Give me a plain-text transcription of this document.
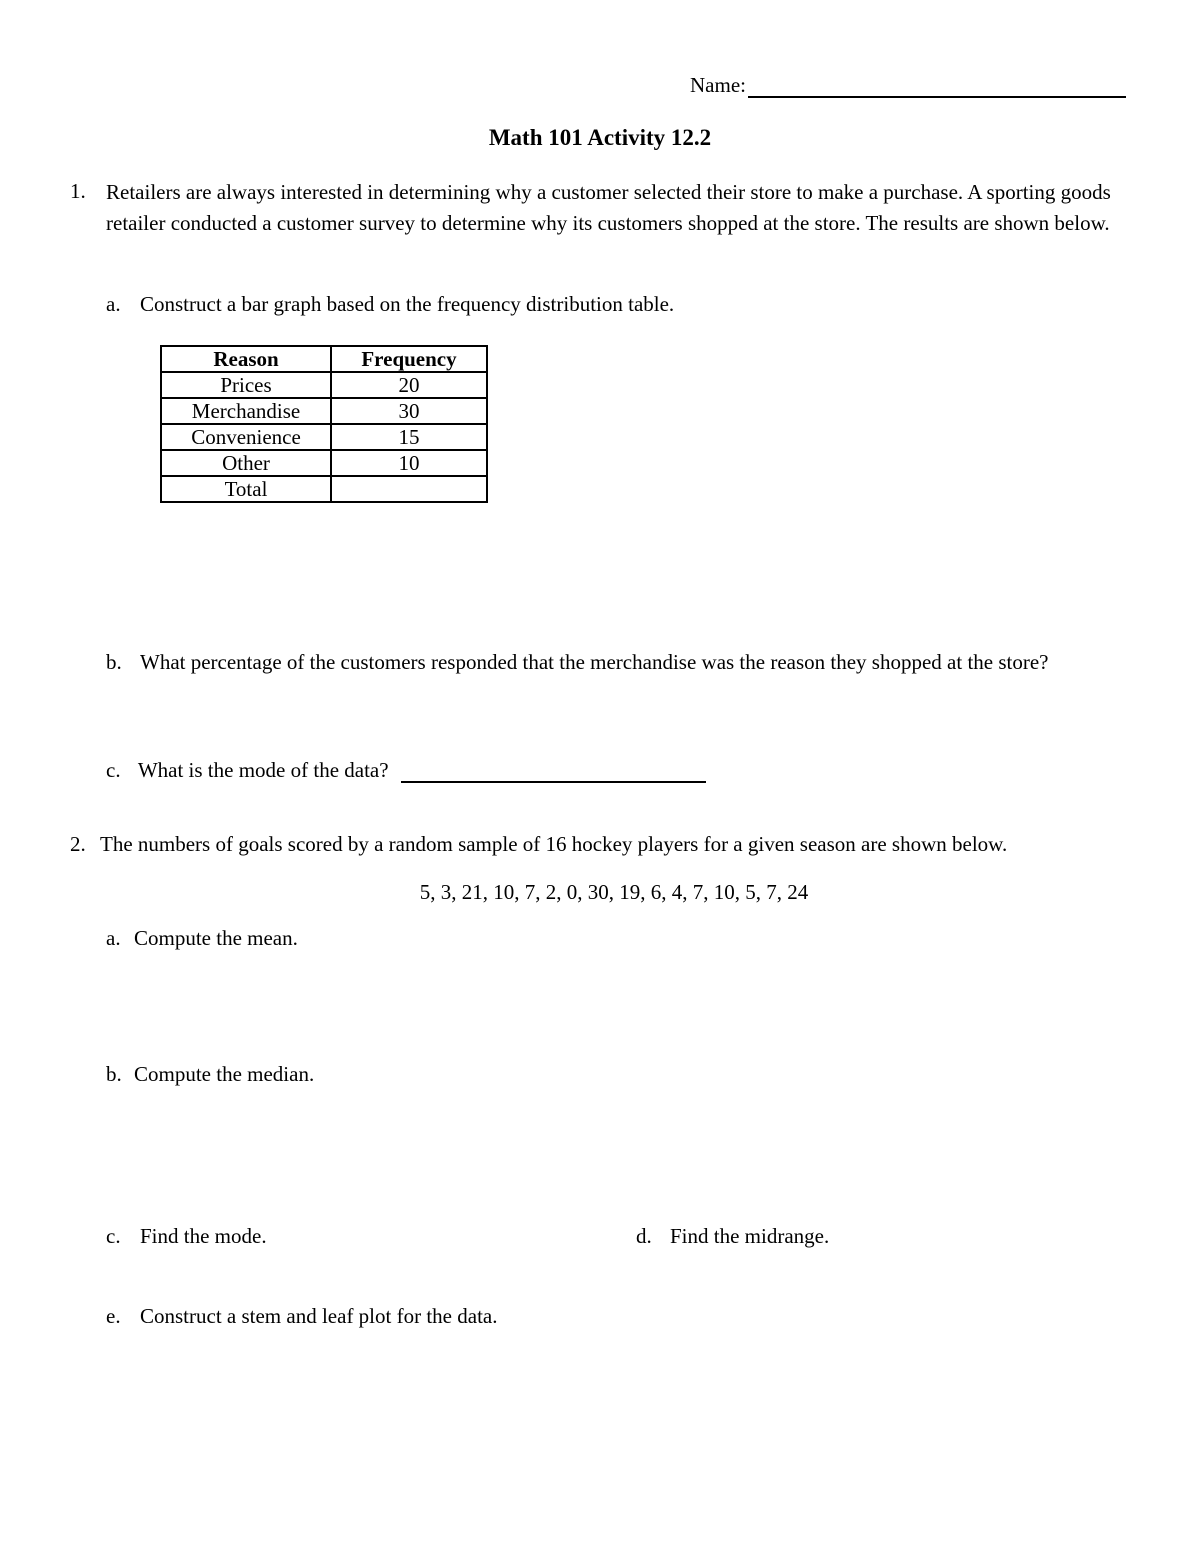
Name:
Math 101 Activity 12.2
1. Retailers are always interested in determining why a customer selected their store to make a purchase. A sporting goods retailer conducted a customer survey to determine why its customers shopped at the store. The results are shown below.
a. Construct a bar graph based on the frequency distribution table.
Reason	Frequency
Prices	20
Merchandise	30
Convenience	15
Other	10
Total	
b. What percentage of the customers responded that the merchandise was the reason they shopped at the store?
c. What is the mode of the data?
2. The numbers of goals scored by a random sample of 16 hockey players for a given season are shown below.
5, 3, 21, 10, 7, 2, 0, 30, 19, 6, 4, 7, 10, 5, 7, 24
a. Compute the mean.
b. Compute the median.
c. Find the mode.	d. Find the midrange.
e. Construct a stem and leaf plot for the data.
